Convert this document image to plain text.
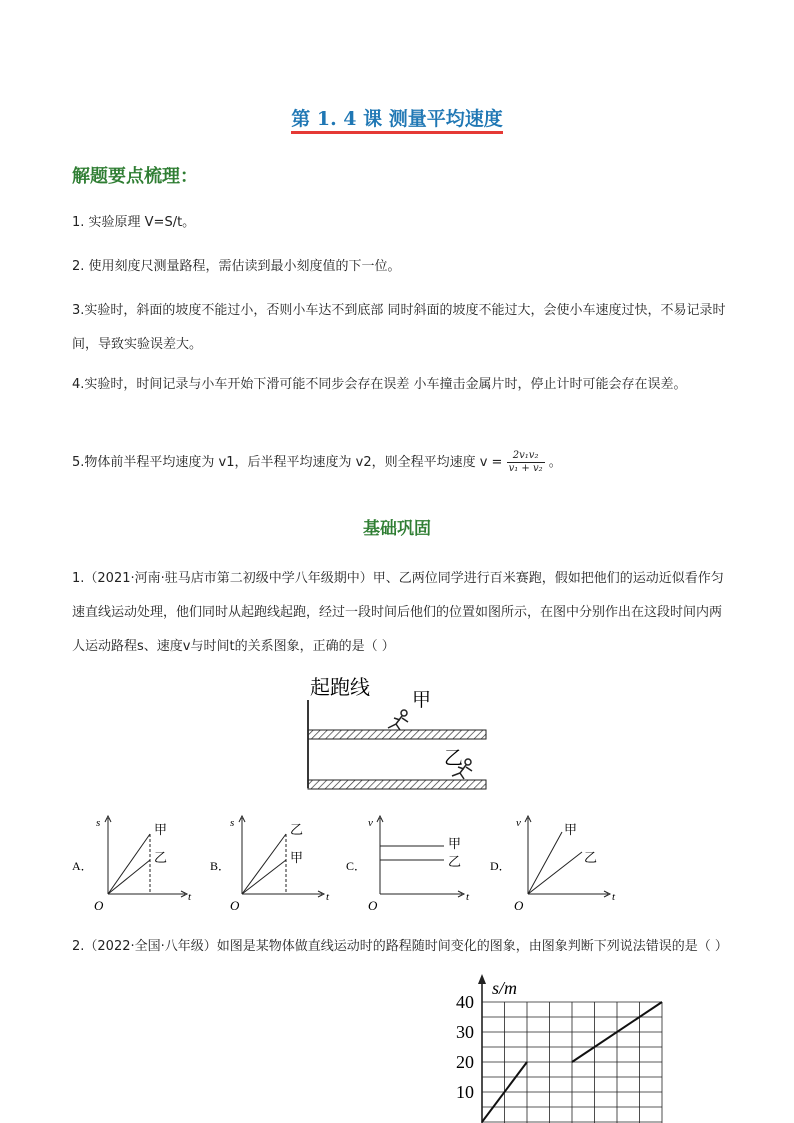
第 1. 4 课 测量平均速度
解题要点梳理：
1. 实验原理 V=S/t。
2. 使用刻度尺测量路程，需估读到最小刻度值的下一位。
3.实验时，斜面的坡度不能过小，否则小车达不到底部 同时斜面的坡度不能过大，会使小车速度过快，不易记录时间，导致实验误差大。
4.实验时，时间记录与小车开始下滑可能不同步会存在误差 小车撞击金属片时，停止计时可能会存在误差。
5.物体前半程平均速度为 v1，后半程平均速度为 v2，则全程平均速度 $v = \frac{\text{2v₁v₂}}{\text{v₁ + v₂}}$ 。
基础巩固
1.（2021·河南·驻马店市第二初级中学八年级期中）甲、乙两位同学进行百米赛跑，假如把他们的运动近似看作匀速直线运动处理，他们同时从起跑线起跑，经过一段时间后他们的位置如图所示，在图中分别作出在这段时间内两人运动路程s、速度v与时间t的关系图象，正确的是（ ）
起跑线
甲
乙
A．
s
t
O
甲
乙
B．
s
t
O
乙
甲
C．
v
t
O
甲
乙 D．
v
t
O
甲
乙
2.（2022·全国·八年级）如图是某物体做直线运动时的路程随时间变化的图象，由图象判断下列说法错误的是（ ）
s/m
40
30
20
10
